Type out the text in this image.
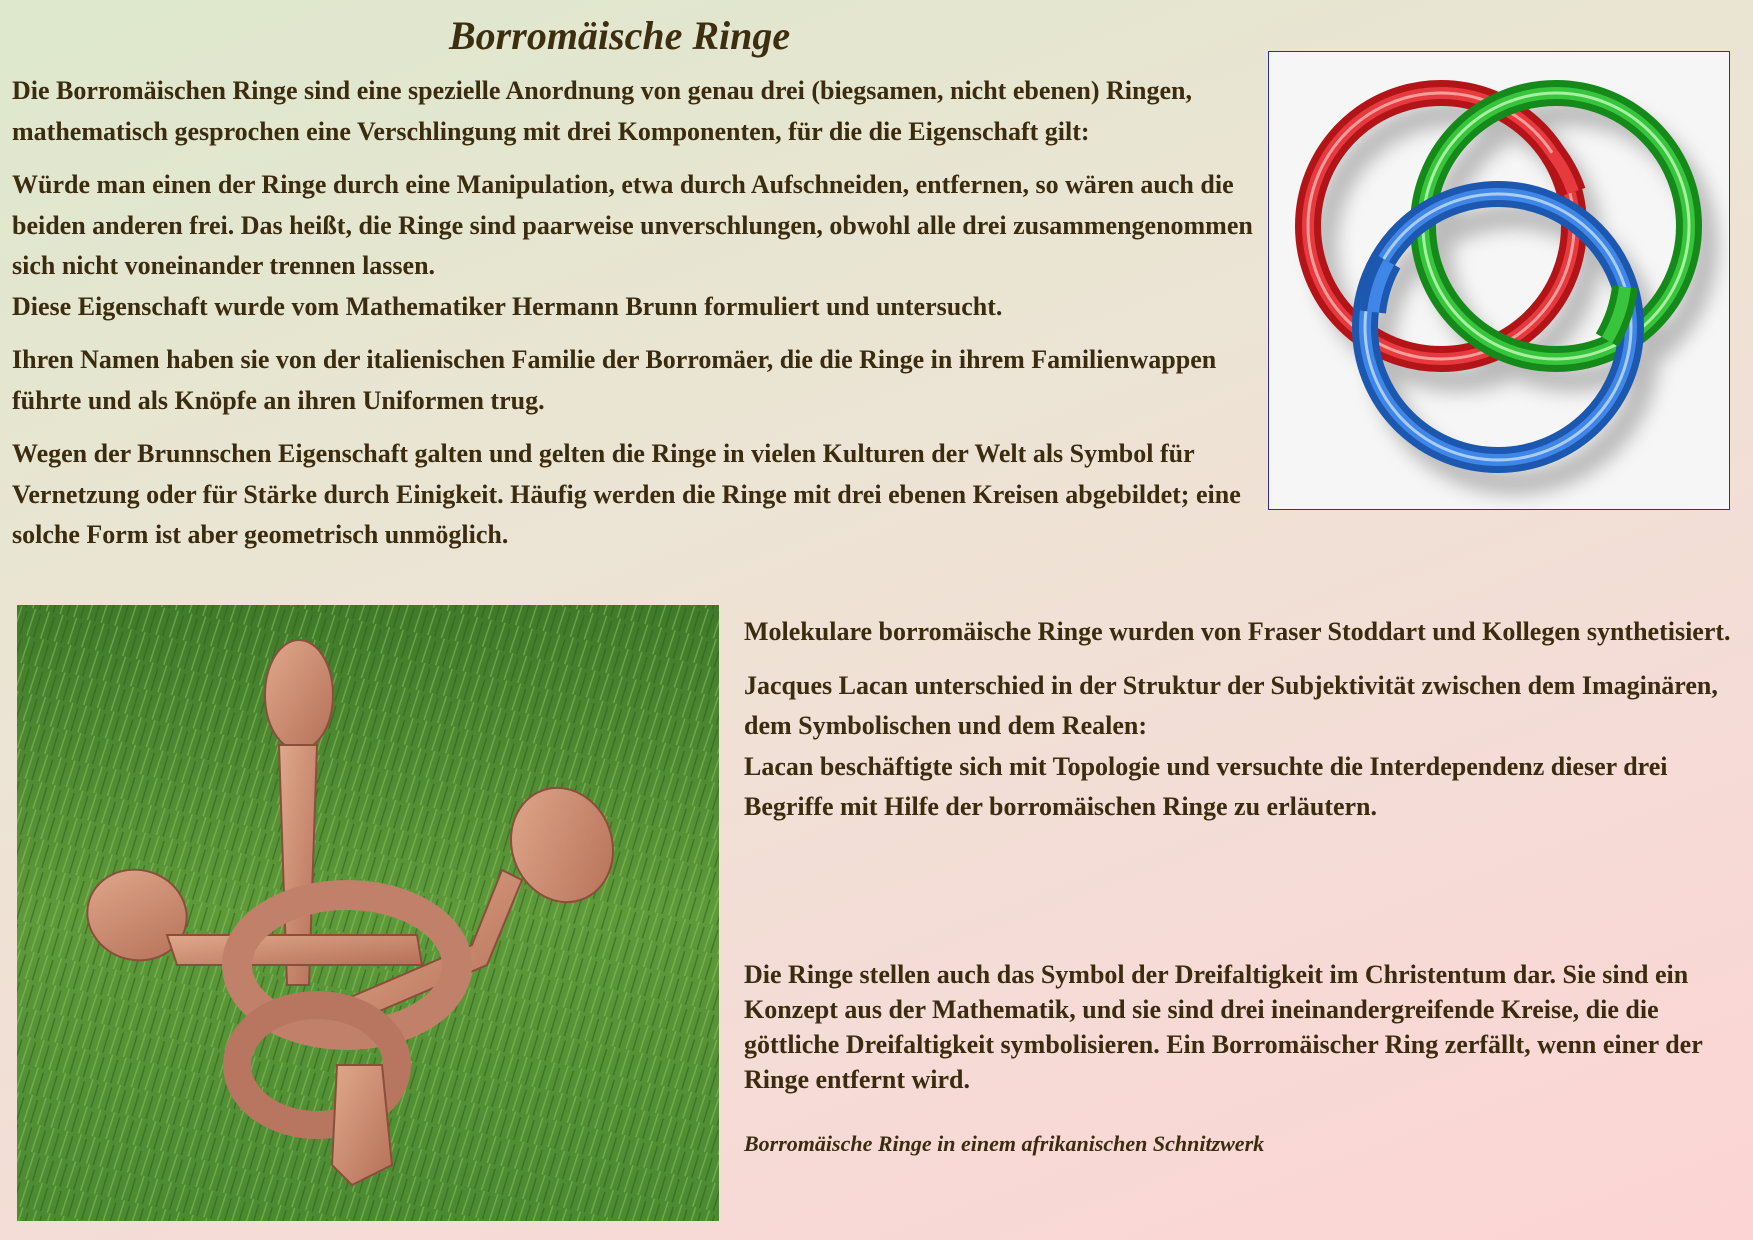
Borromäische Ringe

Die Borromäischen Ringe sind eine spezielle Anordnung von genau drei (biegsamen, nicht ebenen) Ringen, mathematisch gesprochen eine Verschlingung mit drei Komponenten, für die die Eigenschaft gilt:

Würde man einen der Ringe durch eine Manipulation, etwa durch Aufschneiden, entfernen, so wären auch die beiden anderen frei. Das heißt, die Ringe sind paarweise unverschlungen, obwohl alle drei zusammengenommen sich nicht voneinander trennen lassen.
Diese Eigenschaft wurde vom Mathematiker Hermann Brunn formuliert und untersucht.

Ihren Namen haben sie von der italienischen Familie der Borromäer, die die Ringe in ihrem Familienwappen führte und als Knöpfe an ihren Uniformen trug.

Wegen der Brunnschen Eigenschaft galten und gelten die Ringe in vielen Kulturen der Welt als Symbol für Vernetzung oder für Stärke durch Einigkeit. Häufig werden die Ringe mit drei ebenen Kreisen abgebildet; eine solche Form ist aber geometrisch unmöglich.

Molekulare borromäische Ringe wurden von Fraser Stoddart und Kollegen synthetisiert.

Jacques Lacan unterschied in der Struktur der Subjektivität zwischen dem Imaginären, dem Symbolischen und dem Realen:
Lacan beschäftigte sich mit Topologie und versuchte die Interdependenz dieser drei Begriffe mit Hilfe der borromäischen Ringe zu erläutern.

Die Ringe stellen auch das Symbol der Dreifaltigkeit im Christentum dar. Sie sind ein Konzept aus der Mathematik, und sie sind drei ineinandergreifende Kreise, die die göttliche Dreifaltigkeit symbolisieren. Ein Borromäischer Ring zerfällt, wenn einer der Ringe entfernt wird.

Borromäische Ringe in einem afrikanischen Schnitzwerk
